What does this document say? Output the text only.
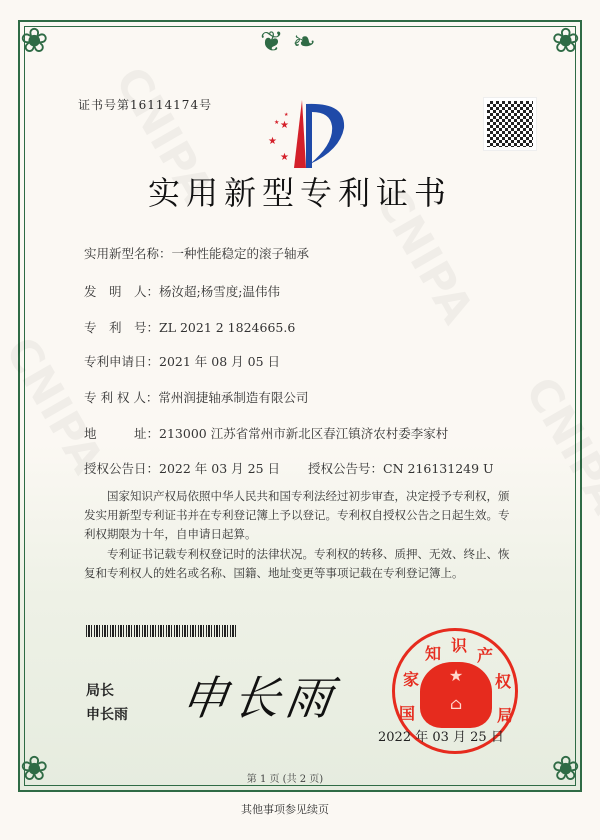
❦ ❧
❀	❀
❀	❀
证书号第16114174号
★
★
★
★
★
实用新型专利证书
实用新型名称：一种性能稳定的滚子轴承
发　明　人：杨汝超;杨雪度;温伟伟
专　利　号：ZL 2021 2 1824665.6
专利申请日：2021 年 08 月 05 日
专 利 权 人：常州润捷轴承制造有限公司
地　　　址：213000 江苏省常州市新北区春江镇济农村委李家村
授权公告日：2022 年 03 月 25 日 授权公告号：CN 216131249 U
国家知识产权局依照中华人民共和国专利法经过初步审查，决定授予专利权，颁发实用新型专利证书并在专利登记簿上予以登记。专利权自授权公告之日起生效。专利权期限为十年，自申请日起算。
专利证书记载专利权登记时的法律状况。专利权的转移、质押、无效、终止、恢复和专利权人的姓名或名称、国籍、地址变更等事项记载在专利登记簿上。
局长
申长雨 申长雨	国
家
知 识
产
权
局
★
⌂
2022 年 03 月 25 日
第 1 页 (共 2 页)
其他事项参见续页
